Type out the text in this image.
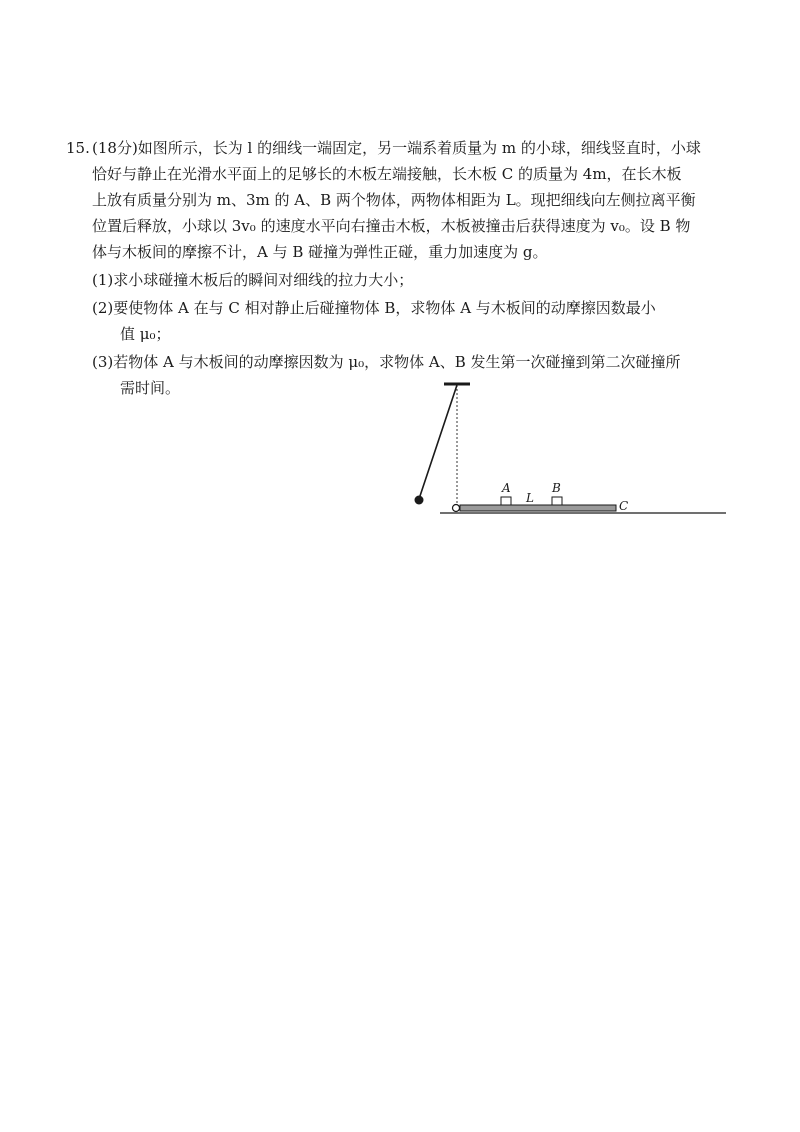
15. (18分)如图所示，长为 l 的细线一端固定，另一端系着质量为 m 的小球，细线竖直时，小球
恰好与静止在光滑水平面上的足够长的木板左端接触，长木板 C 的质量为 4m，在长木板
上放有质量分别为 m、3m 的 A、B 两个物体，两物体相距为 L。现把细线向左侧拉离平衡
位置后释放，小球以 3v₀ 的速度水平向右撞击木板，木板被撞击后获得速度为 v₀。设 B 物
体与木板间的摩擦不计，A 与 B 碰撞为弹性正碰，重力加速度为 g。
(1)求小球碰撞木板后的瞬间对细线的拉力大小；
(2)要使物体 A 在与 C 相对静止后碰撞物体 B，求物体 A 与木板间的动摩擦因数最小
值 μ₀；
(3)若物体 A 与木板间的动摩擦因数为 μ₀，求物体 A、B 发生第一次碰撞到第二次碰撞所
需时间。
A
L
B
C
